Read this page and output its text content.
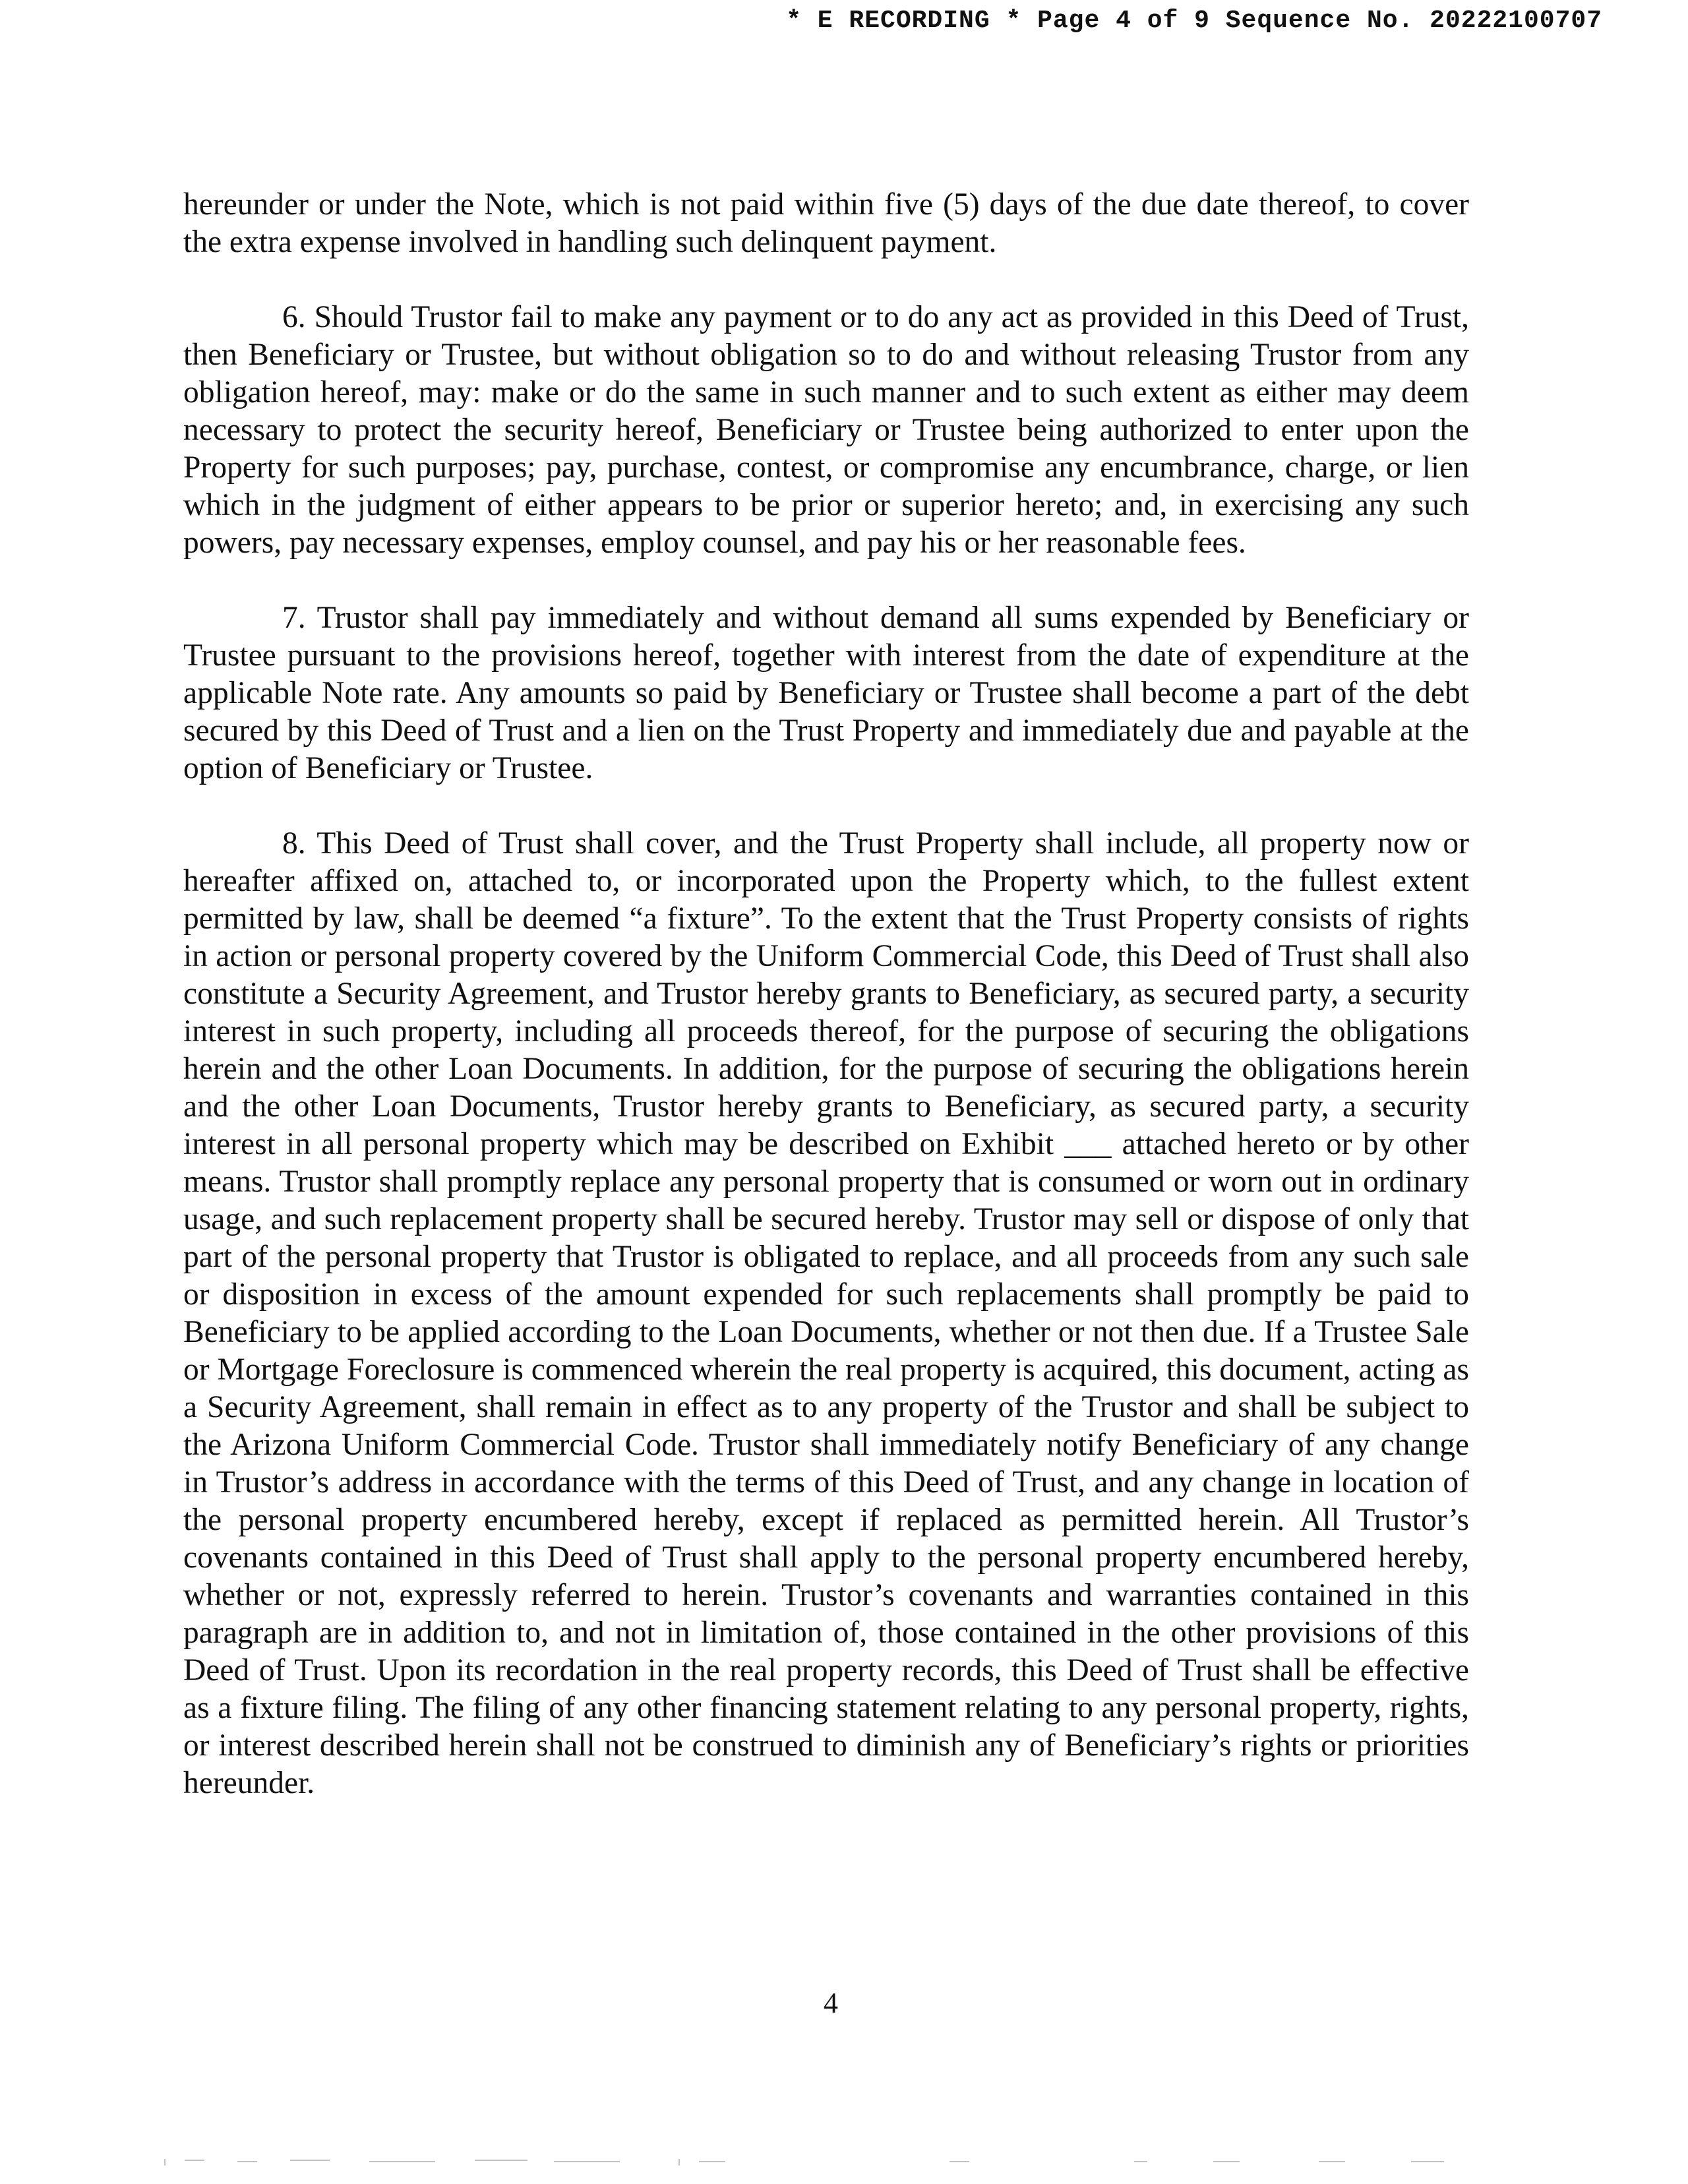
* E RECORDING * Page 4 of 9 Sequence No. 20222100707

hereunder or under the Note, which is not paid within five (5) days of the due date thereof, to cover the extra expense involved in handling such delinquent payment.

6. Should Trustor fail to make any payment or to do any act as provided in this Deed of Trust, then Beneficiary or Trustee, but without obligation so to do and without releasing Trustor from any obligation hereof, may: make or do the same in such manner and to such extent as either may deem necessary to protect the security hereof, Beneficiary or Trustee being authorized to enter upon the Property for such purposes; pay, purchase, contest, or compromise any encumbrance, charge, or lien which in the judgment of either appears to be prior or superior hereto; and, in exercising any such powers, pay necessary expenses, employ counsel, and pay his or her reasonable fees.

7. Trustor shall pay immediately and without demand all sums expended by Beneficiary or Trustee pursuant to the provisions hereof, together with interest from the date of expenditure at the applicable Note rate. Any amounts so paid by Beneficiary or Trustee shall become a part of the debt secured by this Deed of Trust and a lien on the Trust Property and immediately due and payable at the option of Beneficiary or Trustee.

8. This Deed of Trust shall cover, and the Trust Property shall include, all property now or hereafter affixed on, attached to, or incorporated upon the Property which, to the fullest extent permitted by law, shall be deemed “a fixture”. To the extent that the Trust Property consists of rights in action or personal property covered by the Uniform Commercial Code, this Deed of Trust shall also constitute a Security Agreement, and Trustor hereby grants to Beneficiary, as secured party, a security interest in such property, including all proceeds thereof, for the purpose of securing the obligations herein and the other Loan Documents. In addition, for the purpose of securing the obligations herein and the other Loan Documents, Trustor hereby grants to Beneficiary, as secured party, a security interest in all personal property which may be described on Exhibit ___ attached hereto or by other means. Trustor shall promptly replace any personal property that is consumed or worn out in ordinary usage, and such replacement property shall be secured hereby. Trustor may sell or dispose of only that part of the personal property that Trustor is obligated to replace, and all proceeds from any such sale or disposition in excess of the amount expended for such replacements shall promptly be paid to Beneficiary to be applied according to the Loan Documents, whether or not then due. If a Trustee Sale or Mortgage Foreclosure is commenced wherein the real property is acquired, this document, acting as a Security Agreement, shall remain in effect as to any property of the Trustor and shall be subject to the Arizona Uniform Commercial Code. Trustor shall immediately notify Beneficiary of any change in Trustor’s address in accordance with the terms of this Deed of Trust, and any change in location of the personal property encumbered hereby, except if replaced as permitted herein. All Trustor’s covenants contained in this Deed of Trust shall apply to the personal property encumbered hereby, whether or not, expressly referred to herein. Trustor’s covenants and warranties contained in this paragraph are in addition to, and not in limitation of, those contained in the other provisions of this Deed of Trust. Upon its recordation in the real property records, this Deed of Trust shall be effective as a fixture filing. The filing of any other financing statement relating to any personal property, rights, or interest described herein shall not be construed to diminish any of Beneficiary’s rights or priorities hereunder.

4
